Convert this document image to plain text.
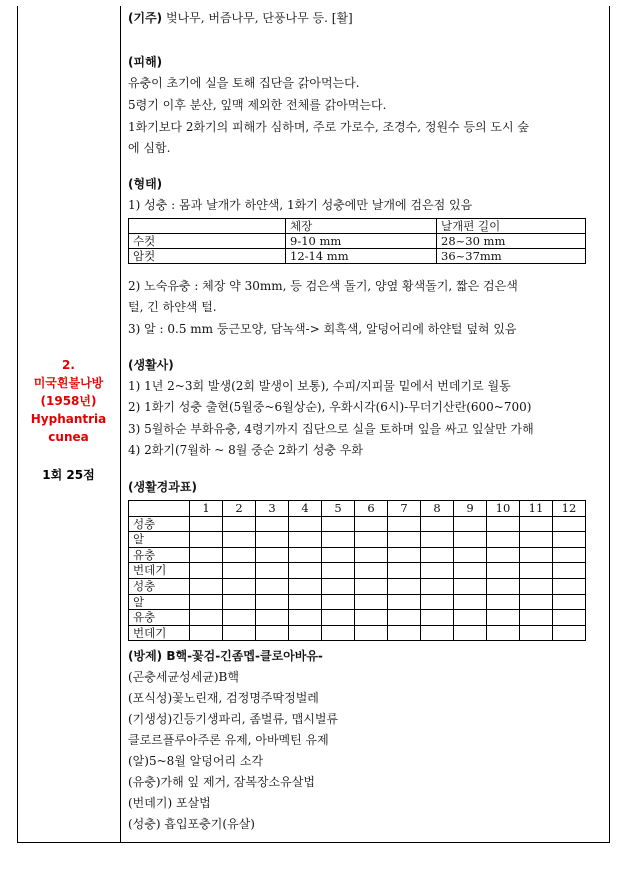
2.
미국흰불나방
(1958년)
Hyphantria
cunea
1회 25점
(기주) 벚나무, 버즘나무, 단풍나무 등. [활]
(피해)
유충이 초기에 실을 토해 집단을 갉아먹는다.
5령기 이후 분산, 잎맥 제외한 전체를 갉아먹는다.
1화기보다 2화기의 피해가 심하며, 주로 가로수, 조경수, 정원수 등의 도시 숲
에 심함.
(형태)
1) 성충 : 몸과 날개가 하얀색, 1화기 성충에만 날개에 검은점 있음
	체장	날개편 길이
수컷	9-10 mm	28~30 mm
암컷	12-14 mm	36~37mm
2) 노숙유충 : 체장 약 30mm, 등 검은색 돌기, 양옆 황색돌기, 짧은 검은색
털, 긴 하얀색 털.
3) 알 : 0.5 mm 둥근모양, 담녹색-> 회흑색, 알덩어리에 하얀털 덮혀 있음
(생활사)
1) 1년 2~3회 발생(2회 발생이 보통), 수피/지피물 밑에서 번데기로 월동
2) 1화기 성충 출현(5월중~6월상순), 우화시각(6시)-무더기산란(600~700)
3) 5월하순 부화유충, 4령기까지 집단으로 실을 토하며 잎을 싸고 잎살만 가해
4) 2화기(7월하 ~ 8월 중순 2화기 성충 우화
(생활경과표)
	1	2	3	4	5	6	7	8	9	10	11	12
성충												
알												
유충												
번데기												
성충												
알												
유충												
번데기												
(방제) B핵-꽃검-긴좀멥-클로아바유-
(곤충세균성세균)B핵
(포식성)꽃노린재, 검정명주딱정벌레
(기생성)긴등기생파리, 좀벌류, 맵시벌류
클로르플루아주론 유제, 아바멕틴 유제
(알)5~8월 알덩어리 소각
(유충)가해 잎 제거, 잠복장소유살법
(번데기) 포살법
(성충) 흡입포충기(유살)
